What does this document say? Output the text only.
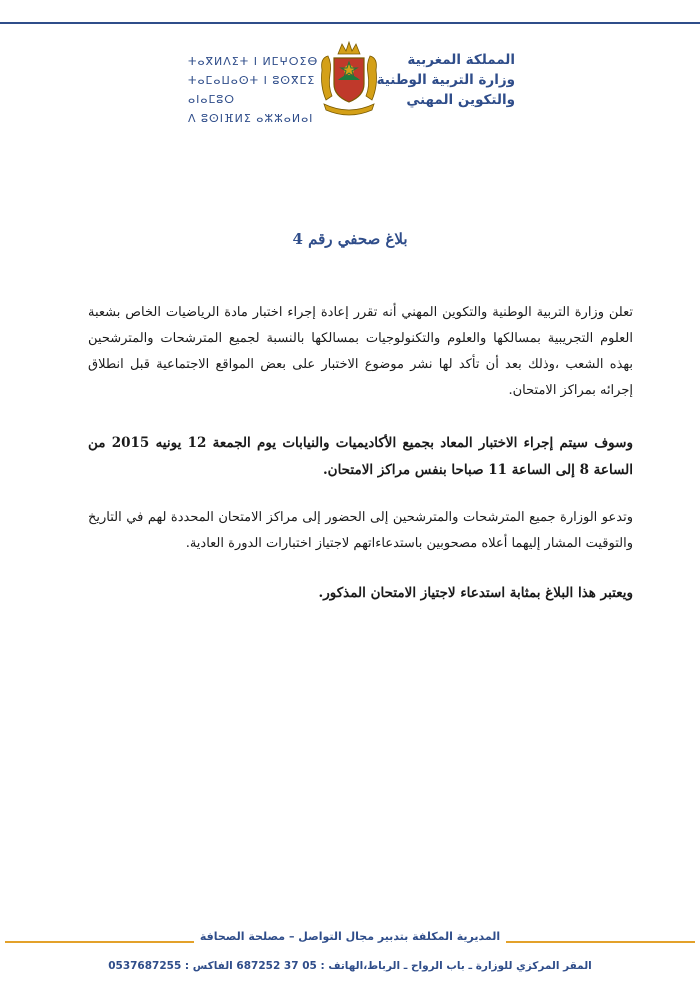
ⵜⴰⴳⵍⴷⵉⵜ ⵏ ⵍⵎⵖⵔⵉⴱ
ⵜⴰⵎⴰⵡⴰⵙⵜ ⵏ ⵓⵙⴳⵎⵉ ⴰⵏⴰⵎⵓⵔ
ⴷ ⵓⵙⵏⴼⵍⵉ ⴰⵣⵣⴰⵍⴰⵏ
المملكة المغربية
وزارة التربية الوطنية
والتكوين المهني
بلاغ صحفي رقم 4
تعلن وزارة التربية الوطنية والتكوين المهني أنه تقرر إعادة إجراء اختبار مادة الرياضيات الخاص بشعبة العلوم التجريبية بمسالكها والعلوم والتكنولوجيات بمسالكها بالنسبة لجميع المترشحات والمترشحين بهذه الشعب ،وذلك بعد أن تأكد لها نشر موضوع الاختبار على بعض المواقع الاجتماعية قبل انطلاق إجرائه بمراكز الامتحان.
وسوف سيتم إجراء الاختبار المعاد بجميع الأكاديميات والنيابات يوم الجمعة 12 يونيه 2015 من الساعة 8 إلى الساعة 11 صباحا بنفس مراكز الامتحان.
وتدعو الوزارة جميع المترشحات والمترشحين إلى الحضور إلى مراكز الامتحان المحددة لهم في التاريخ والتوقيت المشار إليهما أعلاه مصحوبين باستدعاءاتهم لاجتياز اختبارات الدورة العادية.
ويعتبر هذا البلاغ بمثابة استدعاء لاجتياز الامتحان المذكور.
المديرية المكلفة بتدبير مجال التواصل – مصلحة الصحافة
المقر المركزي للوزارة ـ باب الرواح ـ الرباط،الهاتف : 05 37 687252 الفاكس : 0537687255
